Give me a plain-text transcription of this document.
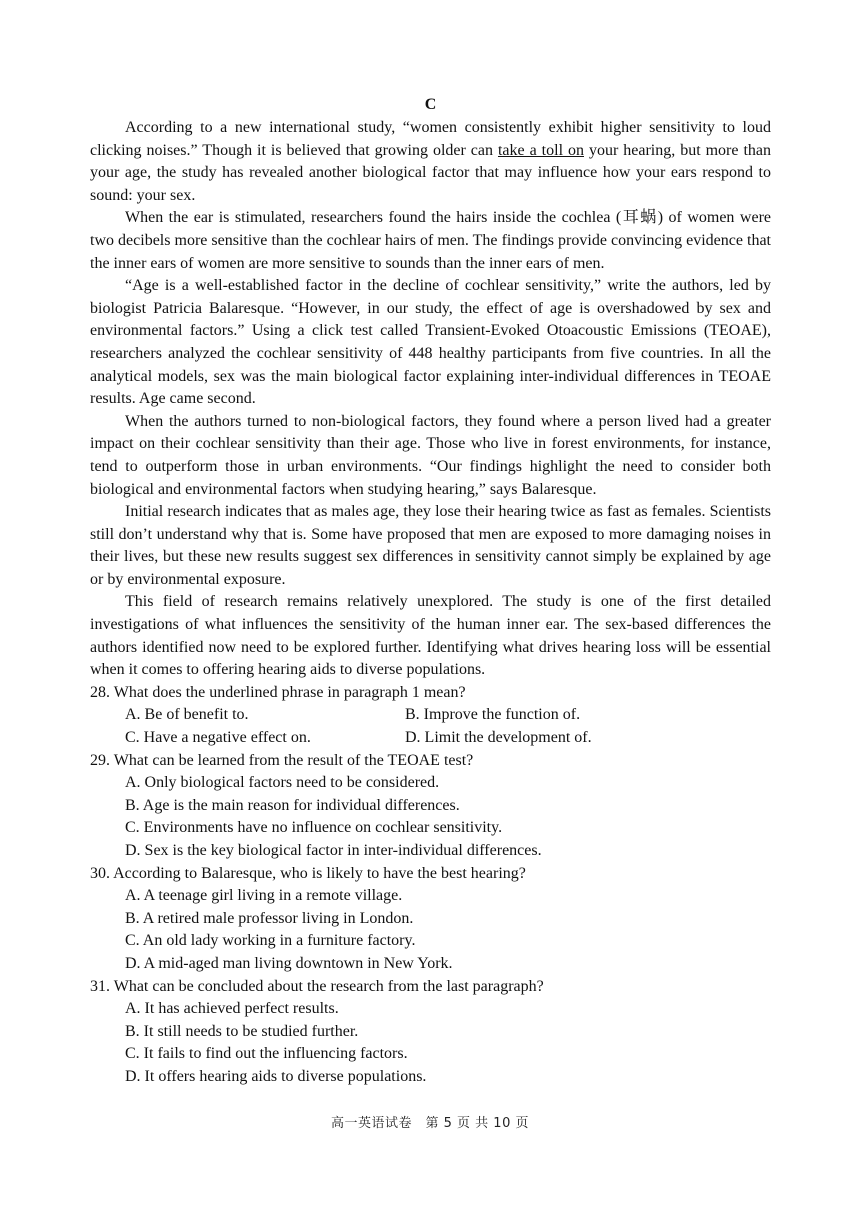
C

According to a new international study, “women consistently exhibit higher sensitivity to loud clicking noises.” Though it is believed that growing older can take a toll on your hearing, but more than your age, the study has revealed another biological factor that may influence how your ears respond to sound: your sex.

When the ear is stimulated, researchers found the hairs inside the cochlea (耳蜗) of women were two decibels more sensitive than the cochlear hairs of men. The findings provide convincing evidence that the inner ears of women are more sensitive to sounds than the inner ears of men.

“Age is a well-established factor in the decline of cochlear sensitivity,” write the authors, led by biologist Patricia Balaresque. “However, in our study, the effect of age is overshadowed by sex and environmental factors.” Using a click test called Transient-Evoked Otoacoustic Emissions (TEOAE), researchers analyzed the cochlear sensitivity of 448 healthy participants from five countries. In all the analytical models, sex was the main biological factor explaining inter-individual differences in TEOAE results. Age came second.

When the authors turned to non-biological factors, they found where a person lived had a greater impact on their cochlear sensitivity than their age. Those who live in forest environments, for instance, tend to outperform those in urban environments. “Our findings highlight the need to consider both biological and environmental factors when studying hearing,” says Balaresque.

Initial research indicates that as males age, they lose their hearing twice as fast as females. Scientists still don’t understand why that is. Some have proposed that men are exposed to more damaging noises in their lives, but these new results suggest sex differences in sensitivity cannot simply be explained by age or by environmental exposure.

This field of research remains relatively unexplored. The study is one of the first detailed investigations of what influences the sensitivity of the human inner ear. The sex-based differences the authors identified now need to be explored further. Identifying what drives hearing loss will be essential when it comes to offering hearing aids to diverse populations.

28. What does the underlined phrase in paragraph 1 mean?

A. Be of benefit to.	B. Improve the function of.

C. Have a negative effect on.	D. Limit the development of.

29. What can be learned from the result of the TEOAE test?

A. Only biological factors need to be considered.

B. Age is the main reason for individual differences.

C. Environments have no influence on cochlear sensitivity.

D. Sex is the key biological factor in inter-individual differences.

30. According to Balaresque, who is likely to have the best hearing?

A. A teenage girl living in a remote village.

B. A retired male professor living in London.

C. An old lady working in a furniture factory.

D. A mid-aged man living downtown in New York.

31. What can be concluded about the research from the last paragraph?

A. It has achieved perfect results.

B. It still needs to be studied further.

C. It fails to find out the influencing factors.

D. It offers hearing aids to diverse populations.

高一英语试卷　第 5 页 共 10 页
